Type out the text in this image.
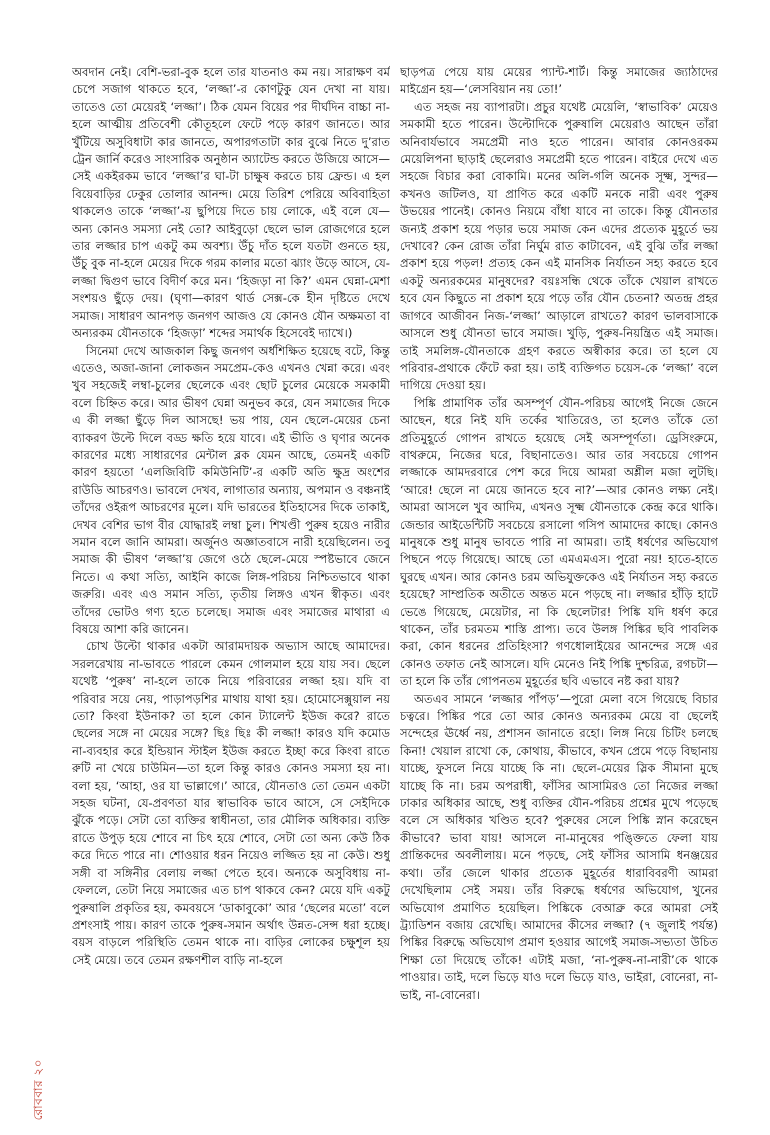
রোববার ২০

অবদান নেই। বেশি-ভরা-বুক হলে তার যাতনাও কম নয়। সারাক্ষণ বর্ম চেপে সজাগ থাকতে হবে, ‘লজ্জা’-র কোণটুকু যেন দেখা না যায়। তাতেও তো মেয়েরই ‘লজ্জা’। ঠিক যেমন বিয়ের পর দীর্ঘদিন বাচ্চা না-হলে আত্মীয় প্রতিবেশী কৌতূহলে ফেটে পড়ে কারণ জানতে। আর খুঁটিয়ে অসুবিধাটা কার জানতে, অপারগতাটা কার বুঝে নিতে দু’রাত ট্রেন জার্নি করেও সাংসারিক অনুষ্ঠান অ্যাটেন্ড করতে উজিয়ে আসে—সেই একইরকম ভাবে ‘লজ্জা’র ঘা-টা চাক্ষুষ করতে চায় ফ্রেন্ড। এ হল বিয়েবাড়ির ঢেকুর তোলার আনন্দ। মেয়ে তিরিশ পেরিয়ে অবিবাহিতা থাকলেও তাকে ‘লজ্জা’-য় ছুপিয়ে দিতে চায় লোকে, এই বলে যে—অন্য কোনও সমস্যা নেই তো? আইবুড়ো ছেলে ভাল রোজগেরে হলে তার লজ্জার চাপ একটু কম অবশ্য। উঁচু দাঁত হলে যতটা গুনতে হয়, উঁচু বুক না-হলে মেয়ের দিকে গরম কালার মতো ঝ্যাং উড়ে আসে, যে-লজ্জা দ্বিগুণ ভাবে বিদীর্ণ করে মন। ‘হিজড়া না কি?’ এমন ঘেন্না-মেশা সংশয়ও ছুঁড়ে দেয়। (ঘৃণা—কারণ থার্ড সেক্স-কে হীন দৃষ্টিতে দেখে সমাজ। সাধারণ আনপড় জনগণ আজও যে কোনও যৌন অক্ষমতা বা অন্যরকম যৌনতাকে ‘হিজড়া’ শব্দের সমার্থক হিসেবেই দ্যাখে।)

সিনেমা দেখে আজকাল কিছু জনগণ অর্ধশিক্ষিত হয়েছে বটে, কিন্তু এতেও, অজা-জানা লোকজন সমপ্রেম-কেও এখনও খেন্না করে। এবং খুব সহজেই লম্বা-চুলের ছেলেকে এবং ছোট চুলের মেয়েকে সমকামী বলে চিহ্নিত করে। আর ভীষণ ঘেন্না অনুভব করে, যেন সমাজের দিকে এ কী লজ্জা ছুঁড়ে দিল আসছে! ভয় পায়, যেন ছেলে-মেয়ের চেনা ব্যাকরণ উল্টে দিলে বড্ড ক্ষতি হয়ে যাবে। এই ভীতি ও ঘৃণার অনেক কারণের মধ্যে সাধারণের মেন্টাল ব্লক যেমন আছে, তেমনই একটি কারণ হয়তো ‘এলজিবিটি কমিউনিটি’-র একটি অতি ক্ষুদ্র অংশের রাউডি আচরণও। ভাবলে দেখব, লাগাতার অন্যায়, অপমান ও বঞ্চনাই তাঁদের ওইরূপ আচরণের মূলে। যদি ভারতের ইতিহাসের দিকে তাকাই, দেখব বেশির ভাগ বীর যোদ্ধারই লম্বা চুল। শিখণ্ডী পুরুষ হয়েও নারীর সমান বলে জানি আমরা। অর্জুনও অজ্ঞাতবাসে নারী হয়েছিলেন। তবু সমাজ কী ভীষণ ‘লজ্জা’য় জেগে ওঠে ছেলে-মেয়ে স্পষ্টভাবে জেনে নিতে। এ কথা সত্যি, আইনি কাজে লিঙ্গ-পরিচয় নিশ্চিতভাবে থাকা জরুরি। এবং এও সমান সত্যি, তৃতীয় লিঙ্গও এখন স্বীকৃত। এবং তাঁদের ভোটও গণ্য হতে চলেছে। সমাজ এবং সমাজের মাথারা এ বিষয়ে আশা করি জানেন।

চোখ উল্টো থাকার একটা আরামদায়ক অভ্যাস আছে আমাদের। সরলরেখায় না-ভাবতে পারলে কেমন গোলমাল হয়ে যায় সব। ছেলে যথেষ্ট ‘পুরুষ’ না-হলে তাকে নিয়ে পরিবারের লজ্জা হয়। যদি বা পরিবার সয়ে নেয়, পাড়াপড়শির মাথায় যাথা হয়। হোমোসেক্সুয়াল নয় তো? কিংবা ইউনাক? তা হলে কোন ট্যালেন্ট ইউজ করে? রাতে ছেলের সঙ্গে না মেয়ের সঙ্গে? ছিঃ ছিঃ কী লজ্জা! কারও যদি কমোড না-ব্যবহার করে ইন্ডিয়ান স্টাইল ইউজ করতে ইচ্ছা করে কিংবা রাতে রুটি না খেয়ে চাউমিন—তা হলে কিন্তু কারও কোনও সমস্যা হয় না। বলা হয়, ‘আহা, ওর যা ভাল্লাগে।’ আরে, যৌনতাও তো তেমন একটা সহজ ঘটনা, যে-প্রবণতা যার স্বাভাবিক ভাবে আসে, সে সেইদিকে ঝুঁকে পড়ে। সেটা তো ব্যক্তির স্বাধীনতা, তার মৌলিক অধিকার। ব্যক্তি রাতে উপুড় হয়ে শোবে না চিৎ হয়ে শোবে, সেটা তো অন্য কেউ ঠিক করে দিতে পারে না। শোওয়ার ধরন নিয়েও লজ্জিত হয় না কেউ। শুধু সঙ্গী বা সঙ্গিনীর বেলায় লজ্জা পেতে হবে। অন্যকে অসুবিধায় না-ফেললে, তেটা নিয়ে সমাজের এত চাপ থাকবে কেন? মেয়ে যদি একটু পুরুষালি প্রকৃতির হয়, কমবয়সে ‘ডাকাবুকো’ আর ‘ছেলের মতো’ বলে প্রশংসাই পায়। কারণ তাকে পুরুষ-সমান অর্থাৎ উন্নত-সেন্স ধরা হচ্ছে। বয়স বাড়লে পরিস্থিতি তেমন থাকে না। বাড়ির লোকের চক্ষুশূল হয় সেই মেয়ে। তবে তেমন রক্ষণশীল বাড়ি না-হলে

ছাড়পত্র পেয়ে যায় মেয়ের প্যান্ট-শার্ট। কিন্তু সমাজের জ্যাঠাদের মাইগ্রেন হয়—‘লেসবিয়ান নয় তো!’

এত সহজ নয় ব্যাপারটা। প্রচুর যথেষ্ট মেয়েলি, ‘স্বাভাবিক’ মেয়েও সমকামী হতে পারেন। উল্টোদিকে পুরুষালি মেয়েরাও আছেন তাঁরা অনিবার্যভাবে সমপ্রেমী নাও হতে পারেন। আবার কোনওরকম মেয়েলিপনা ছাড়াই ছেলেরাও সমপ্রেমী হতে পারেন। বাইরে দেখে এত সহজে বিচার করা বোকামি। মনের অলি-গলি অনেক সূক্ষ্ম, সুন্দর—কখনও জটিলও, যা প্রাণিত করে একটি মনকে নারী এবং পুরুষ উভয়ের পানেই। কোনও নিয়মে বাঁধা যাবে না তাকে। কিন্তু যৌনতার জন্যই প্রকাশ হয়ে পড়ার ভয়ে সমাজ কেন এদের প্রত্যেক মুহূর্তে ভয় দেখাবে? কেন রোজ তাঁরা নির্ঘুম রাত কাটাবেন, এই বুঝি তাঁর লজ্জা প্রকাশ হয়ে পড়ল! প্রত্যহ কেন এই মানসিক নির্যাতন সহ্য করতে হবে একটু অন্যরকমের মানুষদের? বয়ঃসন্ধি থেকে তাঁকে খেয়াল রাখতে হবে যেন কিছুতে না প্রকাশ হয়ে পড়ে তাঁর যৌন চেতনা? অতন্দ্র প্রহর জাগবে আজীবন নিজ-‘লজ্জা’ আড়ালে রাখতে? কারণ ভালবাসাকে আসলে শুধু যৌনতা ভাবে সমাজ। খুড়ি, পুরুষ-নিয়ন্ত্রিত এই সমাজ। তাই সমলিঙ্গ-যৌনতাকে গ্রহণ করতে অস্বীকার করে। তা হলে যে পরিবার-প্রথাকে ফেঁটে করা হয়। তাই ব্যক্তিগত চয়েস-কে ‘লজ্জা’ বলে দাগিয়ে দেওয়া হয়।

পিঙ্কি প্রামাণিক তাঁর অসম্পূর্ণ যৌন-পরিচয় আগেই নিজে জেনে আছেন, ধরে নিই যদি তর্কের খাতিরেও, তা হলেও তাঁকে তো প্রতিমুহূর্তে গোপন রাখতে হয়েছে সেই অসম্পূর্ণতা। ড্রেসিংরুমে, বাথরুমে, নিজের ঘরে, বিছানাতেও। আর তার সবচেয়ে গোপন লজ্জাকে আমদরবারে পেশ করে দিয়ে আমরা অশ্লীল মজা লুটছি। ‘আরে! ছেলে না মেয়ে জানতে হবে না?’—আর কোনও লক্ষ্য নেই। আমরা আসলে খুব আদিম, এখনও সূক্ষ্ম যৌনতাকে কেন্দ্র করে থাকি। জেন্ডার আইডেন্টিটি সবচেয়ে রসালো গসিপ আমাদের কাছে। কোনও মানুষকে শুধু মানুষ ভাবতে পারি না আমরা। তাই ধর্ষণের অভিযোগ পিছনে পড়ে গিয়েছে। আছে তো এমএমএস। পুরো নয়! হাতে-হাতে ঘুরছে এখন। আর কোনও চরম অভিযুক্তকেও এই নির্যাতন সহ্য করতে হয়েছে? সাম্প্রতিক অতীতে অন্তত মনে পড়ছে না। লজ্জার হাঁড়ি হাটে ভেঙে গিয়েছে, মেয়েটার, না কি ছেলেটার! পিঙ্কি যদি ধর্ষণ করে থাকেন, তাঁর চরমতম শাস্তি প্রাপ্য। তবে উলঙ্গ পিঙ্কির ছবি পাবলিক করা, কোন ধরনের প্রতিহিংসা? গণধোলাইয়ের আনন্দের সঙ্গে এর কোনও তফাত নেই আসলে। যদি মেনেও নিই পিঙ্কি দুশ্চরিত্র, রগচটা—তা হলে কি তাঁর গোপনতম মুহূর্তের ছবি এভাবে নষ্ট করা যায়?

অতএব সামনে ‘লজ্জার পাঁপড়’—পুরো মেলা বসে গিয়েছে বিচার চত্বরে। পিঙ্কির পরে তো আর কোনও অন্যরকম মেয়ে বা ছেলেই সন্দেহের ঊর্ধ্বে নয়, প্রশাসন জানাতে রহো। লিঙ্গ নিয়ে চিটিং চলছে কিনা! খেয়াল রাখো কে, কোথায়, কীভাবে, কখন প্রেমে পড়ে বিছানায় যাচ্ছে, ফুসলে নিয়ে যাচ্ছে কি না। ছেলে-মেয়ের স্লিক সীমানা মুছে যাচ্ছে কি না। চরম অপরাধী, ফাঁসির আসামিরও তো নিজের লজ্জা ঢাকার অধিকার আছে, শুধু ব্যক্তির যৌন-পরিচয় প্রশ্নের মুখে পড়েছে বলে সে অধিকার খণ্ডিত হবে? পুরুষের সেলে পিঙ্কি স্নান করেছেন কীভাবে? ভাবা যায়! আসলে না-মানুষের পঙ্ক্তিতে ফেলা যায় প্রান্তিকদের অবলীলায়। মনে পড়ছে, সেই ফাঁসির আসামি ধনঞ্জয়ের কথা। তাঁর জেলে থাকার প্রত্যেক মুহূর্তের ধারাবিবরণী আমরা দেখেছিলাম সেই সময়। তাঁর বিরুদ্ধে ধর্ষণের অভিযোগ, খুনের অভিযোগ প্রমাণিত হয়েছিল। পিঙ্কিকে বেআব্রু করে আমরা সেই ট্র্যাডিশন বজায় রেখেছি। আমাদের কীসের লজ্জা? (৭ জুলাই পর্যন্ত) পিঙ্কির বিরুদ্ধে অভিযোগ প্রমাণ হওয়ার আগেই সমাজ-সভ্যতা উচিত শিক্ষা তো দিয়েছে তাঁকে! এটাই মজা, ‘না-পুরুষ-না-নারী’কে থাকে পাওয়ার। তাই, দলে ভিড়ে যাও দলে ভিড়ে যাও, ভাইরা, বোনেরা, না-ভাই, না-বোনেরা।
